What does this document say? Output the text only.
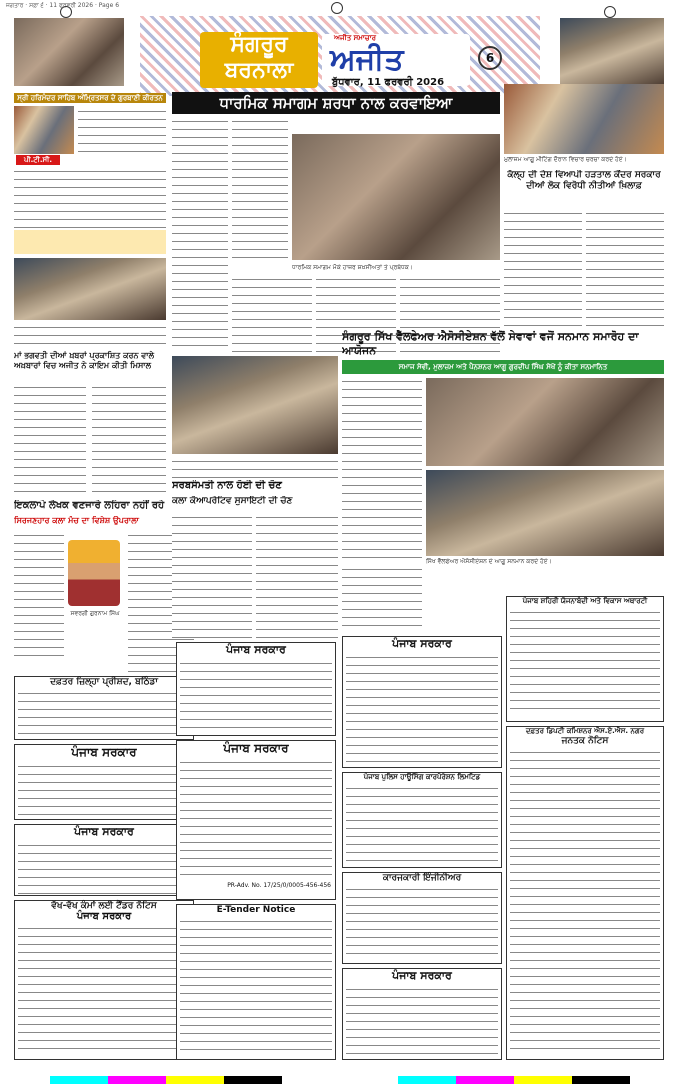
ਜਗਤਾਰ · ਸਫ਼ਾ ੬ · 11 ਫਰਵਰੀ 2026 · Page 6
ਸੰਗਰੂਰ ਬਰਨਾਲਾ
ਅਜੀਤ ਸਮਾਚਾਰ
ਅਜੀਤ
ਬੁੱਧਵਾਰ, 11 ਫਰਵਰੀ 2026
6
ਸ੍ਰੀ ਹਰਿਮੰਦਰ ਸਾਹਿਬ ਅੰਮ੍ਰਿਤਸਰ ਦੇ ਗੁਰਬਾਣੀ ਕੀਰਤਨ
ਪੀ.ਟੀ.ਸੀ.
ਮਾਂ ਭਗਵਤੀ ਦੀਆਂ ਖ਼ਬਰਾਂ ਪ੍ਰਕਾਸ਼ਿਤ ਕਰਨ ਵਾਲੇ ਅਖ਼ਬਾਰਾਂ ਵਿਚ ਅਜੀਤ ਨੇ ਕਾਇਮ ਕੀਤੀ ਮਿਸਾਲ
ਇਕਲਾਪੇ ਲੇਖਕ ਵਣਜਾਰੇ ਲਹਿਰਾ ਨਹੀਂ ਰਹੇ
ਸਿਰਜਣਹਾਰ ਕਲਾ ਮੰਚ ਦਾ ਵਿਸ਼ੇਸ਼ ਉਪਰਾਲਾ
ਸਵਰਗੀ ਗੁਰਨਾਮ ਸਿੰਘ
ਦਫ਼ਤਰ ਜ਼ਿਲ੍ਹਾ ਪ੍ਰੀਸ਼ਦ, ਬਠਿੰਡਾ
ਪੰਜਾਬ ਸਰਕਾਰ
ਪੰਜਾਬ ਸਰਕਾਰ
ਵੱਖ-ਵੱਖ ਕੰਮਾਂ ਲਈ ਟੈਂਡਰ ਨੋਟਿਸ
ਪੰਜਾਬ ਸਰਕਾਰ
ਧਾਰਮਿਕ ਸਮਾਗਮ ਸ਼ਰਧਾ ਨਾਲ ਕਰਵਾਇਆ
ਧਾਰਮਿਕ ਸਮਾਗਮ ਮੌਕੇ ਹਾਜ਼ਰ ਸ਼ਖ਼ਸੀਅਤਾਂ ਤੇ ਪ੍ਰਬੰਧਕ।
ਸਰਬਸੰਮਤੀ ਨਾਲ ਹੋਈ ਦੀ ਚੋਣ
ਕਲਾ ਕੋਆਪਰੇਟਿਵ ਸੁਸਾਇਟੀ ਦੀ ਚੋਣ
ਪੰਜਾਬ ਸਰਕਾਰ
ਪੰਜਾਬ ਸਰਕਾਰ
PR-Adv. No. 17/25/0/0005-456-456
E-Tender Notice
ਮੁਲਾਜ਼ਮ ਆਗੂ ਮੀਟਿੰਗ ਦੌਰਾਨ ਵਿਚਾਰ ਚਰਚਾ ਕਰਦੇ ਹੋਏ।
ਕੱਲ੍ਹ ਦੀ ਦੇਸ਼ ਵਿਆਪੀ ਹੜਤਾਲ ਕੇਂਦਰ ਸਰਕਾਰ ਦੀਆਂ ਲੋਕ ਵਿਰੋਧੀ ਨੀਤੀਆਂ ਖ਼ਿਲਾਫ਼
ਸੰਗਰੂਰ ਸਿੱਖ ਵੈੱਲਫੇਅਰ ਐਸੋਸੀਏਸ਼ਨ ਵੱਲੋਂ ਸੇਵਾਵਾਂ ਵਜੋਂ ਸਨਮਾਨ ਸਮਾਰੋਹ ਦਾ ਆਯੋਜਨ
ਸਮਾਜ ਸੇਵੀ, ਮੁਲਾਜ਼ਮ ਅਤੇ ਪੈਨਸ਼ਨਰ ਆਗੂ ਗੁਰਦੀਪ ਸਿੰਘ ਸੇਖੋਂ ਨੂੰ ਕੀਤਾ ਸਨਮਾਨਿਤ
ਸਿੱਖ ਵੈੱਲਫੇਅਰ ਐਸੋਸੀਏਸ਼ਨ ਦੇ ਆਗੂ ਸਨਮਾਨ ਕਰਦੇ ਹੋਏ।
ਪੰਜਾਬ ਸਰਕਾਰ
ਪੰਜਾਬ ਸ਼ਹਿਰੀ ਯੋਜਨਾਬੰਦੀ ਅਤੇ ਵਿਕਾਸ ਅਥਾਰਟੀ
ਪੰਜਾਬ ਪੁਲਿਸ ਹਾਊਸਿੰਗ ਕਾਰਪੋਰੇਸ਼ਨ ਲਿਮਟਿਡ
ਕਾਰਜਕਾਰੀ ਇੰਜੀਨੀਅਰ
ਪੰਜਾਬ ਸਰਕਾਰ
ਦਫ਼ਤਰ ਡਿਪਟੀ ਕਮਿਸ਼ਨਰ ਐਸ.ਏ.ਐਸ. ਨਗਰ
ਜਨਤਕ ਨੋਟਿਸ
